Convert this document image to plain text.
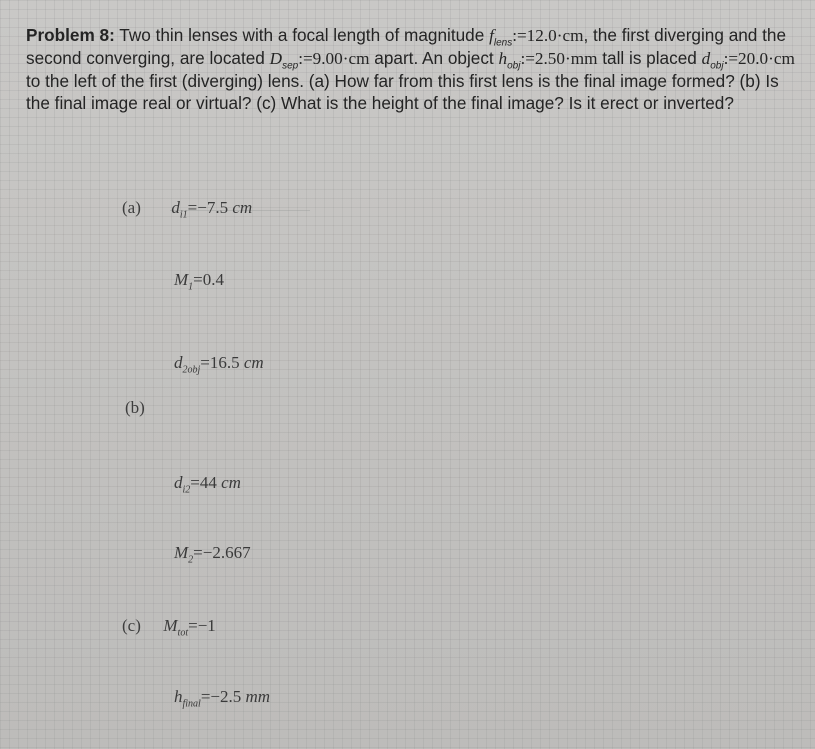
Problem 8: Two thin lenses with a focal length of magnitude $f_{lens}:=12.0\cdot cm$, the first diverging and the second converging, are located $D_{sep}:=9.00\cdot cm$ apart. An object $h_{obj}:=2.50\cdot mm$ tall is placed $d_{obj}:=20.0\cdot cm$ to the left of the first (diverging) lens. (a) How far from this first lens is the final image formed? (b) Is the final image real or virtual? (c) What is the height of the final image? Is it erect or inverted?

(a) $d_{i1}=-7.5$ cm
$M_1=0.4$
$d_{2obj}=16.5$ cm
(b)
$d_{i2}=44$ cm
$M_2=-2.667$
(c) $M_{tot}=-1$
$h_{final}=-2.5$ mm
